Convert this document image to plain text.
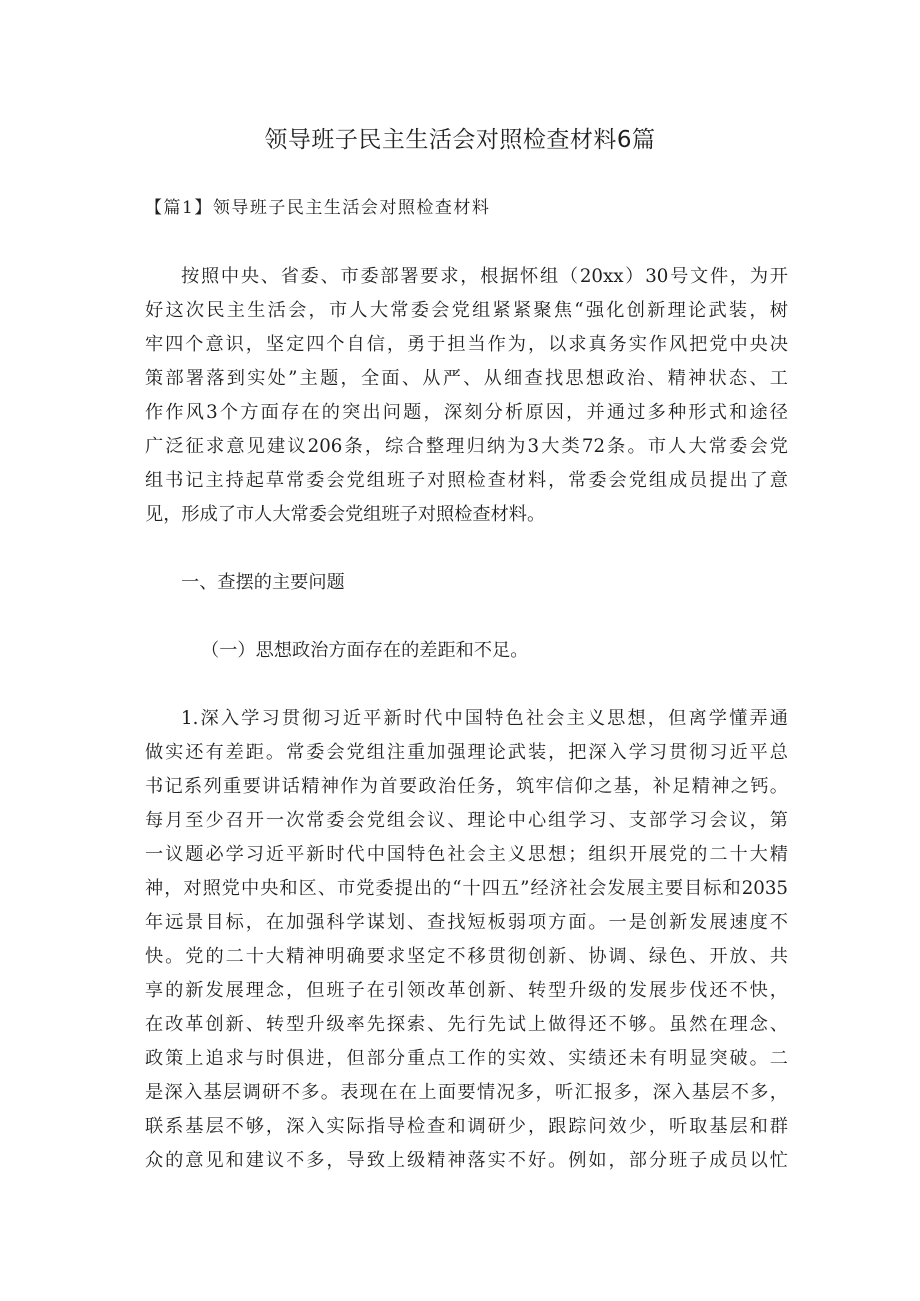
领导班子民主生活会对照检查材料6篇

【篇1】领导班子民主生活会对照检查材料

按照中央、省委、市委部署要求，根据怀组（20xx）30号文件，为开

好这次民主生活会，市人大常委会党组紧紧聚焦“强化创新理论武装，树

牢四个意识，坚定四个自信，勇于担当作为，以求真务实作风把党中央决

策部署落到实处”主题，全面、从严、从细查找思想政治、精神状态、工

作作风3个方面存在的突出问题，深刻分析原因，并通过多种形式和途径

广泛征求意见建议206条，综合整理归纳为3大类72条。市人大常委会党

组书记主持起草常委会党组班子对照检查材料，常委会党组成员提出了意

见，形成了市人大常委会党组班子对照检查材料。

一、查摆的主要问题

（一）思想政治方面存在的差距和不足。

1.深入学习贯彻习近平新时代中国特色社会主义思想，但离学懂弄通

做实还有差距。常委会党组注重加强理论武装，把深入学习贯彻习近平总

书记系列重要讲话精神作为首要政治任务，筑牢信仰之基，补足精神之钙。

每月至少召开一次常委会党组会议、理论中心组学习、支部学习会议，第

一议题必学习近平新时代中国特色社会主义思想；组织开展党的二十大精

神，对照党中央和区、市党委提出的“十四五”经济社会发展主要目标和2035

年远景目标，在加强科学谋划、查找短板弱项方面。一是创新发展速度不

快。党的二十大精神明确要求坚定不移贯彻创新、协调、绿色、开放、共

享的新发展理念，但班子在引领改革创新、转型升级的发展步伐还不快，

在改革创新、转型升级率先探索、先行先试上做得还不够。虽然在理念、

政策上追求与时俱进，但部分重点工作的实效、实绩还未有明显突破。二

是深入基层调研不多。表现在在上面要情况多，听汇报多，深入基层不多，

联系基层不够，深入实际指导检查和调研少，跟踪问效少，听取基层和群

众的意见和建议不多，导致上级精神落实不好。例如，部分班子成员以忙
